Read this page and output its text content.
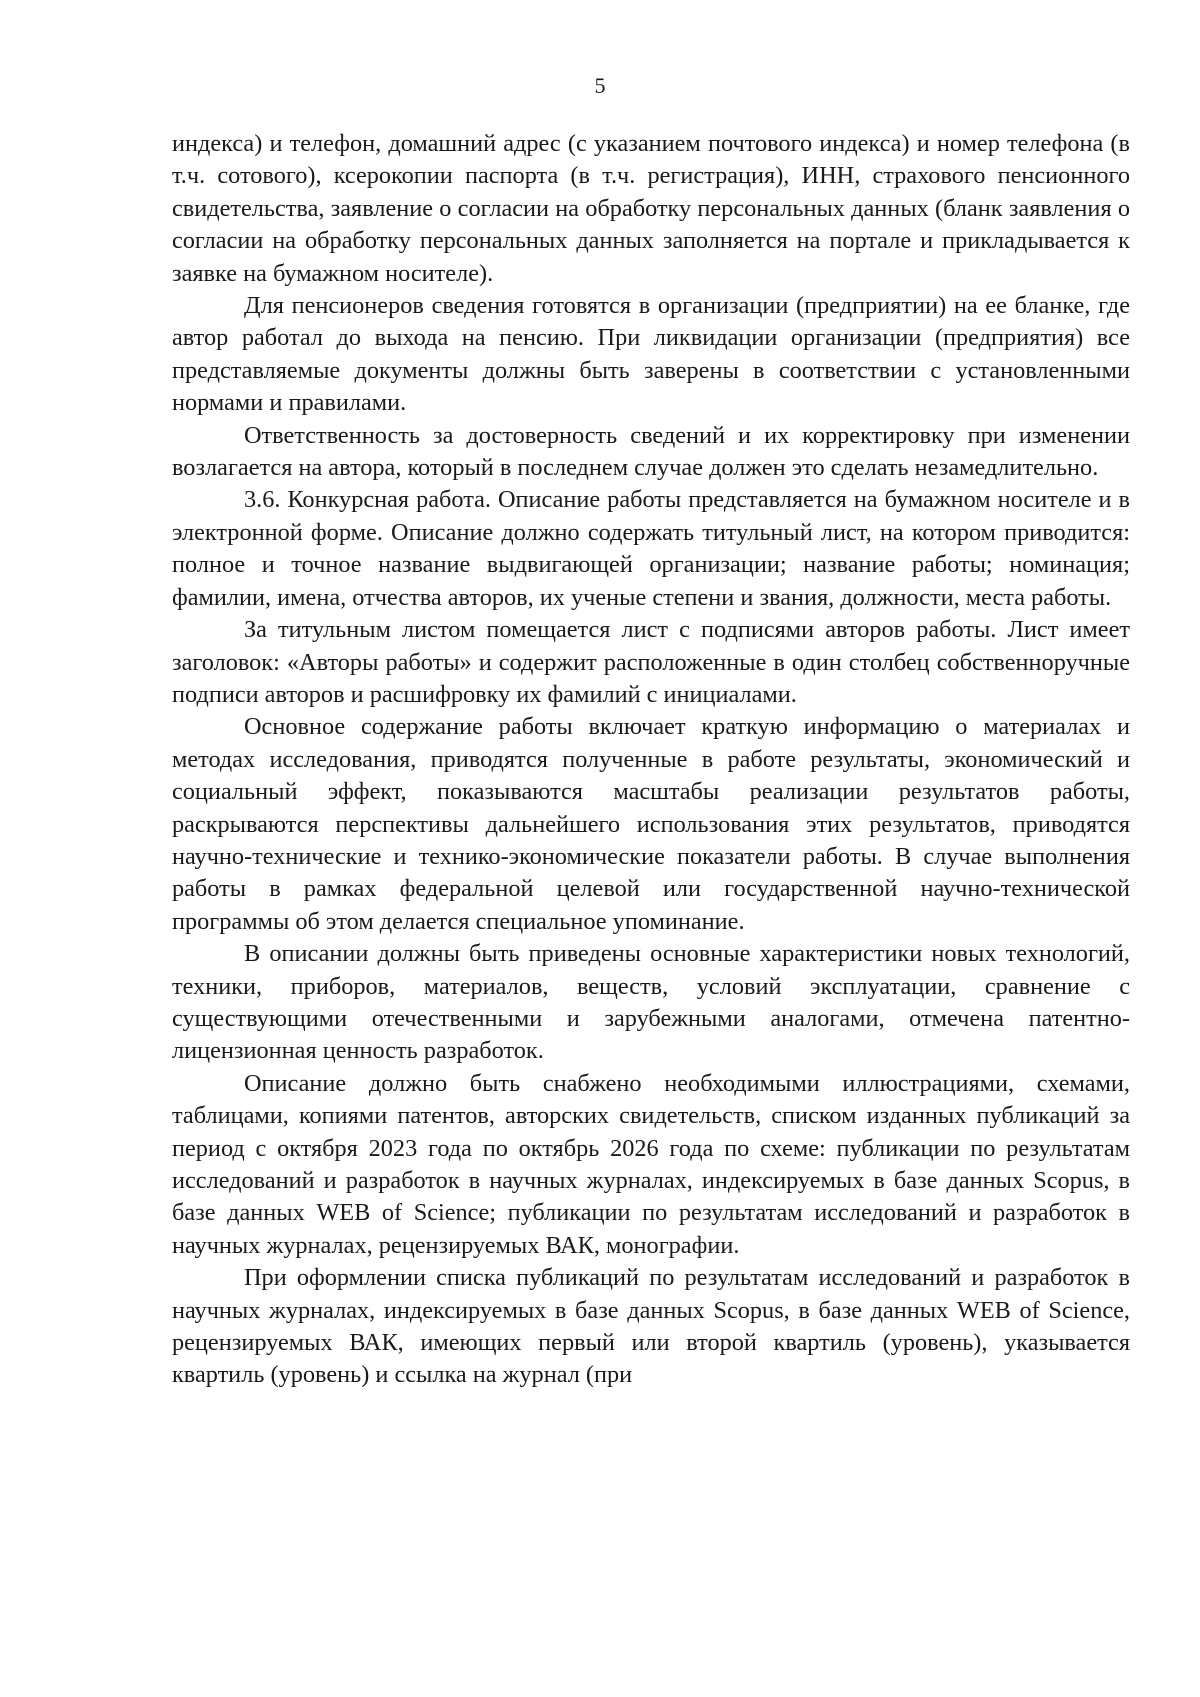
5

индекса) и телефон, домашний адрес (с указанием почтового индекса) и номер телефона (в т.ч. сотового), ксерокопии паспорта (в т.ч. регистрация), ИНН, страхового пенсионного свидетельства, заявление о согласии на обработку персональных данных (бланк заявления о согласии на обработку персональных данных заполняется на портале и прикладывается к заявке на бумажном носителе).

Для пенсионеров сведения готовятся в организации (предприятии) на ее бланке, где автор работал до выхода на пенсию. При ликвидации организации (предприятия) все представляемые документы должны быть заверены в соответствии с установленными нормами и правилами.

Ответственность за достоверность сведений и их корректировку при изменении возлагается на автора, который в последнем случае должен это сделать незамедлительно.

3.6. Конкурсная работа. Описание работы представляется на бумажном носителе и в электронной форме. Описание должно содержать титульный лист, на котором приводится: полное и точное название выдвигающей организации; название работы; номинация; фамилии, имена, отчества авторов, их ученые степени и звания, должности, места работы.

За титульным листом помещается лист с подписями авторов работы. Лист имеет заголовок: «Авторы работы» и содержит расположенные в один столбец собственноручные подписи авторов и расшифровку их фамилий с инициалами.

Основное содержание работы включает краткую информацию о материалах и методах исследования, приводятся полученные в работе результаты, экономический и социальный эффект, показываются масштабы реализации результатов работы, раскрываются перспективы дальнейшего использования этих результатов, приводятся научно-технические и технико-экономические показатели работы. В случае выполнения работы в рамках федеральной целевой или государственной научно-технической программы об этом делается специальное упоминание.

В описании должны быть приведены основные характеристики новых технологий, техники, приборов, материалов, веществ, условий эксплуатации, сравнение с существующими отечественными и зарубежными аналогами, отмечена патентно-лицензионная ценность разработок.

Описание должно быть снабжено необходимыми иллюстрациями, схемами, таблицами, копиями патентов, авторских свидетельств, списком изданных публикаций за период с октября 2023 года по октябрь 2026 года по схеме: публикации по результатам исследований и разработок в научных журналах, индексируемых в базе данных Scopus, в базе данных WEB of Science; публикации по результатам исследований и разработок в научных журналах, рецензируемых ВАК, монографии.

При оформлении списка публикаций по результатам исследований и разработок в научных журналах, индексируемых в базе данных Scopus, в базе данных WEB of Science, рецензируемых ВАК, имеющих первый или второй квартиль (уровень), указывается квартиль (уровень) и ссылка на журнал (при
